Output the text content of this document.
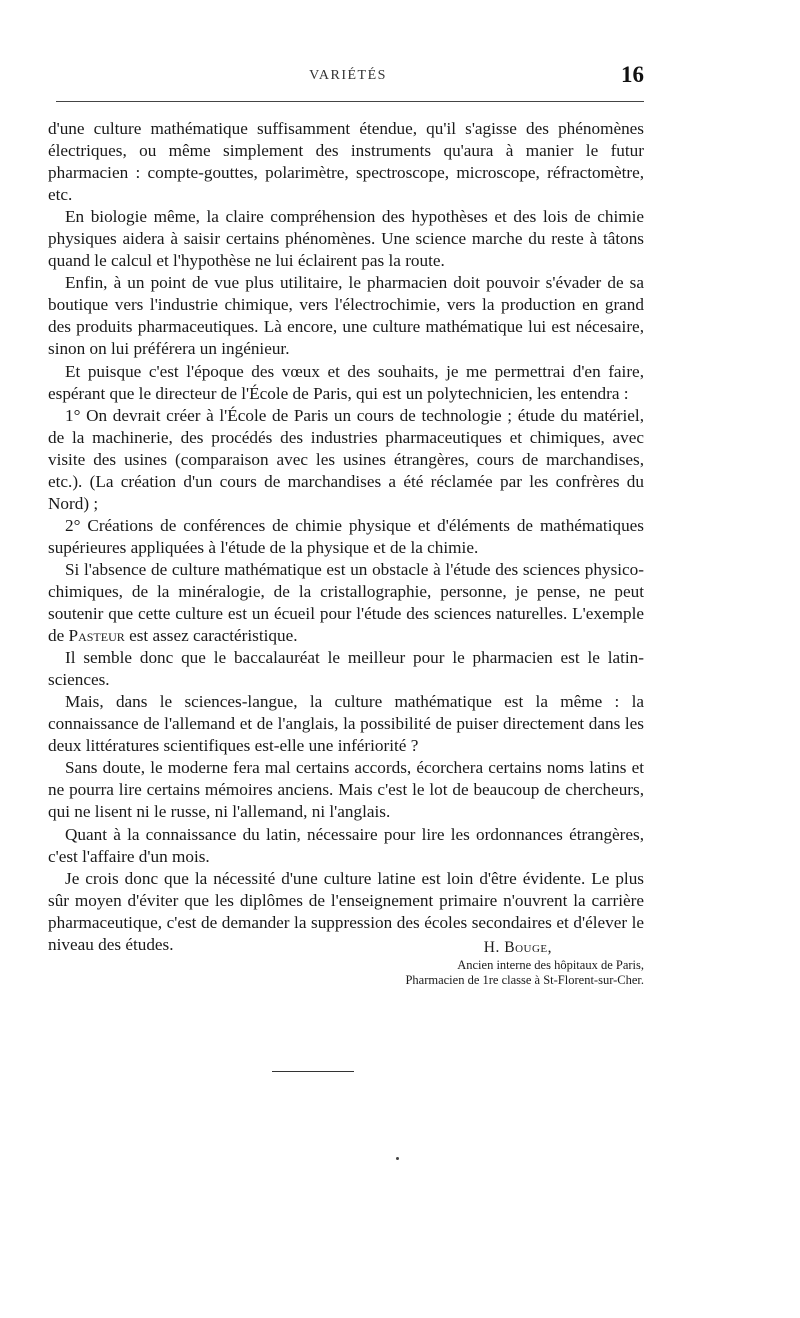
VARIÉTÉS	16

d'une culture mathématique suffisamment étendue, qu'il s'agisse des phénomènes électriques, ou même simplement des instruments qu'aura à manier le futur pharmacien : compte-gouttes, polarimètre, spectroscope, microscope, réfractomètre, etc.

En biologie même, la claire compréhension des hypothèses et des lois de chimie physiques aidera à saisir certains phénomènes. Une science marche du reste à tâtons quand le calcul et l'hypothèse ne lui éclairent pas la route.

Enfin, à un point de vue plus utilitaire, le pharmacien doit pouvoir s'évader de sa boutique vers l'industrie chimique, vers l'électrochimie, vers la production en grand des produits pharmaceutiques. Là encore, une culture mathématique lui est nécesaire, sinon on lui préférera un ingénieur.

Et puisque c'est l'époque des vœux et des souhaits, je me permettrai d'en faire, espérant que le directeur de l'École de Paris, qui est un polytechnicien, les entendra :

1° On devrait créer à l'École de Paris un cours de technologie ; étude du matériel, de la machinerie, des procédés des industries pharmaceutiques et chimiques, avec visite des usines (comparaison avec les usines étrangères, cours de marchandises, etc.). (La création d'un cours de marchandises a été réclamée par les confrères du Nord) ;

2° Créations de conférences de chimie physique et d'éléments de mathématiques supérieures appliquées à l'étude de la physique et de la chimie.

Si l'absence de culture mathématique est un obstacle à l'étude des sciences physico-chimiques, de la minéralogie, de la cristallographie, personne, je pense, ne peut soutenir que cette culture est un écueil pour l'étude des sciences naturelles. L'exemple de Pasteur est assez caractéristique.

Il semble donc que le baccalauréat le meilleur pour le pharmacien est le latin-sciences.

Mais, dans le sciences-langue, la culture mathématique est la même : la connaissance de l'allemand et de l'anglais, la possibilité de puiser directement dans les deux littératures scientifiques est-elle une infériorité ?

Sans doute, le moderne fera mal certains accords, écorchera certains noms latins et ne pourra lire certains mémoires anciens. Mais c'est le lot de beaucoup de chercheurs, qui ne lisent ni le russe, ni l'allemand, ni l'anglais.

Quant à la connaissance du latin, nécessaire pour lire les ordonnances étrangères, c'est l'affaire d'un mois.

Je crois donc que la nécessité d'une culture latine est loin d'être évidente. Le plus sûr moyen d'éviter que les diplômes de l'enseignement primaire n'ouvrent la carrière pharmaceutique, c'est de demander la suppression des écoles secondaires et d'élever le niveau des études.	H. Bouge,
Ancien interne des hôpitaux de Paris,
Pharmacien de 1re classe à St-Florent-sur-Cher.
